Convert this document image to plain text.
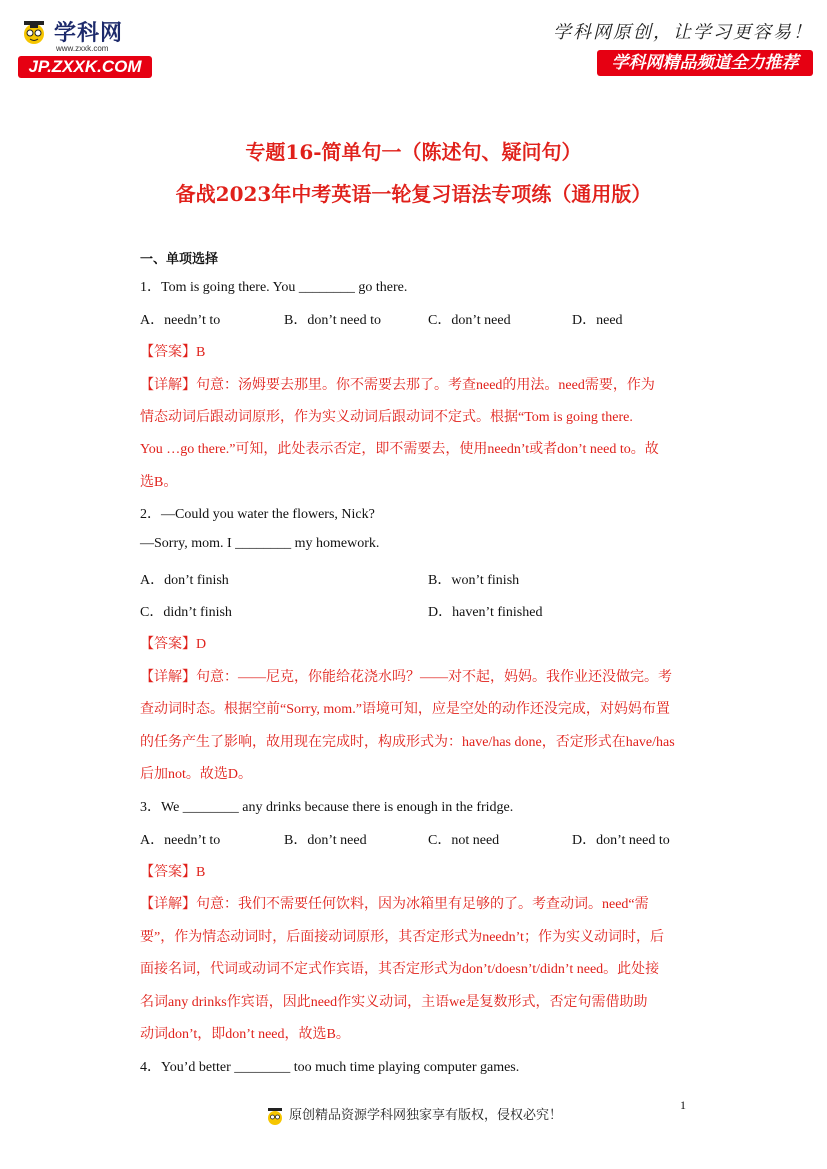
学科网
www.zxxk.com
JP.ZXXK.COM
学科网原创，让学习更容易！
学科网精品频道全力推荐
专题16-简单句一（陈述句、疑问句）
备战2023年中考英语一轮复习语法专项练（通用版）
一、单项选择
1．Tom is going there. You ________ go there.
A．needn’t to	B．don’t need to	C．don’t need	D．need
【答案】B
【详解】句意：汤姆要去那里。你不需要去那了。考查need的用法。need需要，作为
情态动词后跟动词原形，作为实义动词后跟动词不定式。根据“Tom is going there.
You …go there.”可知，此处表示否定，即不需要去，使用needn’t或者don’t need to。故
选B。
2．—Could you water the flowers, Nick?
—Sorry, mom. I ________ my homework.
A．don’t finish	B．won’t finish
C．didn’t finish	D．haven’t finished
【答案】D
【详解】句意：——尼克，你能给花浇水吗？——对不起，妈妈。我作业还没做完。考
查动词时态。根据空前“Sorry, mom.”语境可知，应是空处的动作还没完成，对妈妈布置
的任务产生了影响，故用现在完成时，构成形式为：have/has done，否定形式在have/has
后加not。故选D。
3．We ________ any drinks because there is enough in the fridge.
A．needn’t to	B．don’t need	C．not need	D．don’t need to
【答案】B
【详解】句意：我们不需要任何饮料，因为冰箱里有足够的了。考查动词。need“需
要”，作为情态动词时，后面接动词原形，其否定形式为needn’t；作为实义动词时，后
面接名词，代词或动词不定式作宾语，其否定形式为don’t/doesn’t/didn’t need。此处接
名词any drinks作宾语，因此need作实义动词，主语we是复数形式，否定句需借助助
动词don’t，即don’t need，故选B。
4．You’d better ________ too much time playing computer games.
1
原创精品资源学科网独家享有版权，侵权必究！
